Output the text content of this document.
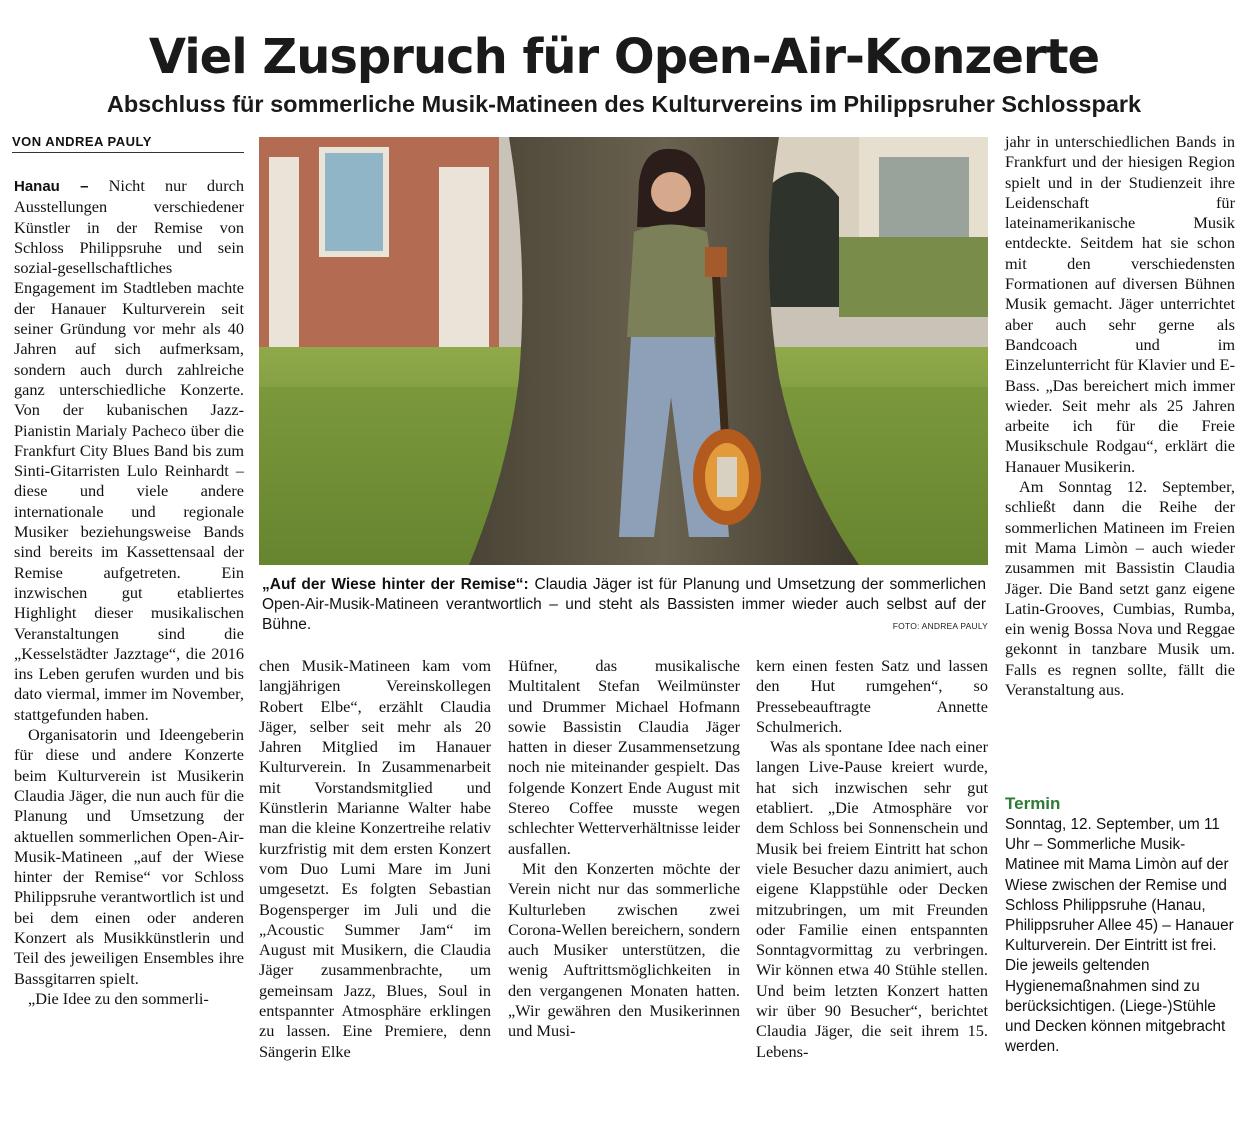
Viel Zuspruch für Open-Air-Konzerte
Abschluss für sommerliche Musik-Matineen des Kulturvereins im Philippsruher Schlosspark
VON ANDREA PAULY

Hanau – Nicht nur durch Ausstellungen verschiedener Künstler in der Remise von Schloss Philippsruhe und sein sozial-gesellschaftliches Engagement im Stadtleben machte der Hanauer Kulturverein seit seiner Gründung vor mehr als 40 Jahren auf sich aufmerksam, sondern auch durch zahlreiche ganz unterschiedliche Konzerte. Von der kubanischen Jazz-Pianistin Marialy Pacheco über die Frankfurt City Blues Band bis zum Sinti-Gitarristen Lulo Reinhardt – diese und viele andere internationale und regionale Musiker beziehungsweise Bands sind bereits im Kassettensaal der Remise aufgetreten. Ein inzwischen gut etabliertes Highlight dieser musikalischen Veranstaltungen sind die „Kesselstädter Jazztage“, die 2016 ins Leben gerufen wurden und bis dato viermal, immer im November, stattgefunden haben.

Organisatorin und Ideengeberin für diese und andere Konzerte beim Kulturverein ist Musikerin Claudia Jäger, die nun auch für die Planung und Umsetzung der aktuellen sommerlichen Open-Air-Musik-Matineen „auf der Wiese hinter der Remise“ vor Schloss Philippsruhe verantwortlich ist und bei dem einen oder anderen Konzert als Musikkünstlerin und Teil des jeweiligen Ensembles ihre Bassgitarren spielt.

„Die Idee zu den sommerli-

„Auf der Wiese hinter der Remise“: Claudia Jäger ist für Planung und Umsetzung der sommerlichen Open-Air-Musik-Matineen verantwortlich – und steht als Bassisten immer wieder auch selbst auf der Bühne.	FOTO: ANDREA PAULY

chen Musik-Matineen kam vom langjährigen Vereinskollegen Robert Elbe“, erzählt Claudia Jäger, selber seit mehr als 20 Jahren Mitglied im Hanauer Kulturverein. In Zusammenarbeit mit Vorstandsmitglied und Künstlerin Marianne Walter habe man die kleine Konzertreihe relativ kurzfristig mit dem ersten Konzert vom Duo Lumi Mare im Juni umgesetzt. Es folgten Sebastian Bogensperger im Juli und die „Acoustic Summer Jam“ im August mit Musikern, die Claudia Jäger zusammenbrachte, um gemeinsam Jazz, Blues, Soul in entspannter Atmosphäre erklingen zu lassen. Eine Premiere, denn Sängerin Elke

Hüfner, das musikalische Multitalent Stefan Weilmünster und Drummer Michael Hofmann sowie Bassistin Claudia Jäger hatten in dieser Zusammensetzung noch nie miteinander gespielt. Das folgende Konzert Ende August mit Stereo Coffee musste wegen schlechter Wetterverhältnisse leider ausfallen.

Mit den Konzerten möchte der Verein nicht nur das sommerliche Kulturleben zwischen zwei Corona-Wellen bereichern, sondern auch Musiker unterstützen, die wenig Auftrittsmöglichkeiten in den vergangenen Monaten hatten. „Wir gewähren den Musikerinnen und Musi-

kern einen festen Satz und lassen den Hut rumgehen“, so Pressebeauftragte Annette Schulmerich.

Was als spontane Idee nach einer langen Live-Pause kreiert wurde, hat sich inzwischen sehr gut etabliert. „Die Atmosphäre vor dem Schloss bei Sonnenschein und Musik bei freiem Eintritt hat schon viele Besucher dazu animiert, auch eigene Klappstühle oder Decken mitzubringen, um mit Freunden oder Familie einen entspannten Sonntagvormittag zu verbringen. Wir können etwa 40 Stühle stellen. Und beim letzten Konzert hatten wir über 90 Besucher“, berichtet Claudia Jäger, die seit ihrem 15. Lebens-

jahr in unterschiedlichen Bands in Frankfurt und der hiesigen Region spielt und in der Studienzeit ihre Leidenschaft für lateinamerikanische Musik entdeckte. Seitdem hat sie schon mit den verschiedensten Formationen auf diversen Bühnen Musik gemacht. Jäger unterrichtet aber auch sehr gerne als Bandcoach und im Einzelunterricht für Klavier und E-Bass. „Das bereichert mich immer wieder. Seit mehr als 25 Jahren arbeite ich für die Freie Musikschule Rodgau“, erklärt die Hanauer Musikerin.

Am Sonntag 12. September, schließt dann die Reihe der sommerlichen Matineen im Freien mit Mama Limòn – auch wieder zusammen mit Bassistin Claudia Jäger. Die Band setzt ganz eigene Latin-Grooves, Cumbias, Rumba, ein wenig Bossa Nova und Reggae gekonnt in tanzbare Musik um. Falls es regnen sollte, fällt die Veranstaltung aus.

Termin

Sonntag, 12. September, um 11 Uhr – Sommerliche Musik-Matinee mit Mama Limòn auf der Wiese zwischen der Remise und Schloss Philippsruhe (Hanau, Philippsruher Allee 45) – Hanauer Kulturverein. Der Eintritt ist frei. Die jeweils geltenden Hygienemaßnahmen sind zu berücksichtigen. (Liege-)Stühle und Decken können mitgebracht werden.
